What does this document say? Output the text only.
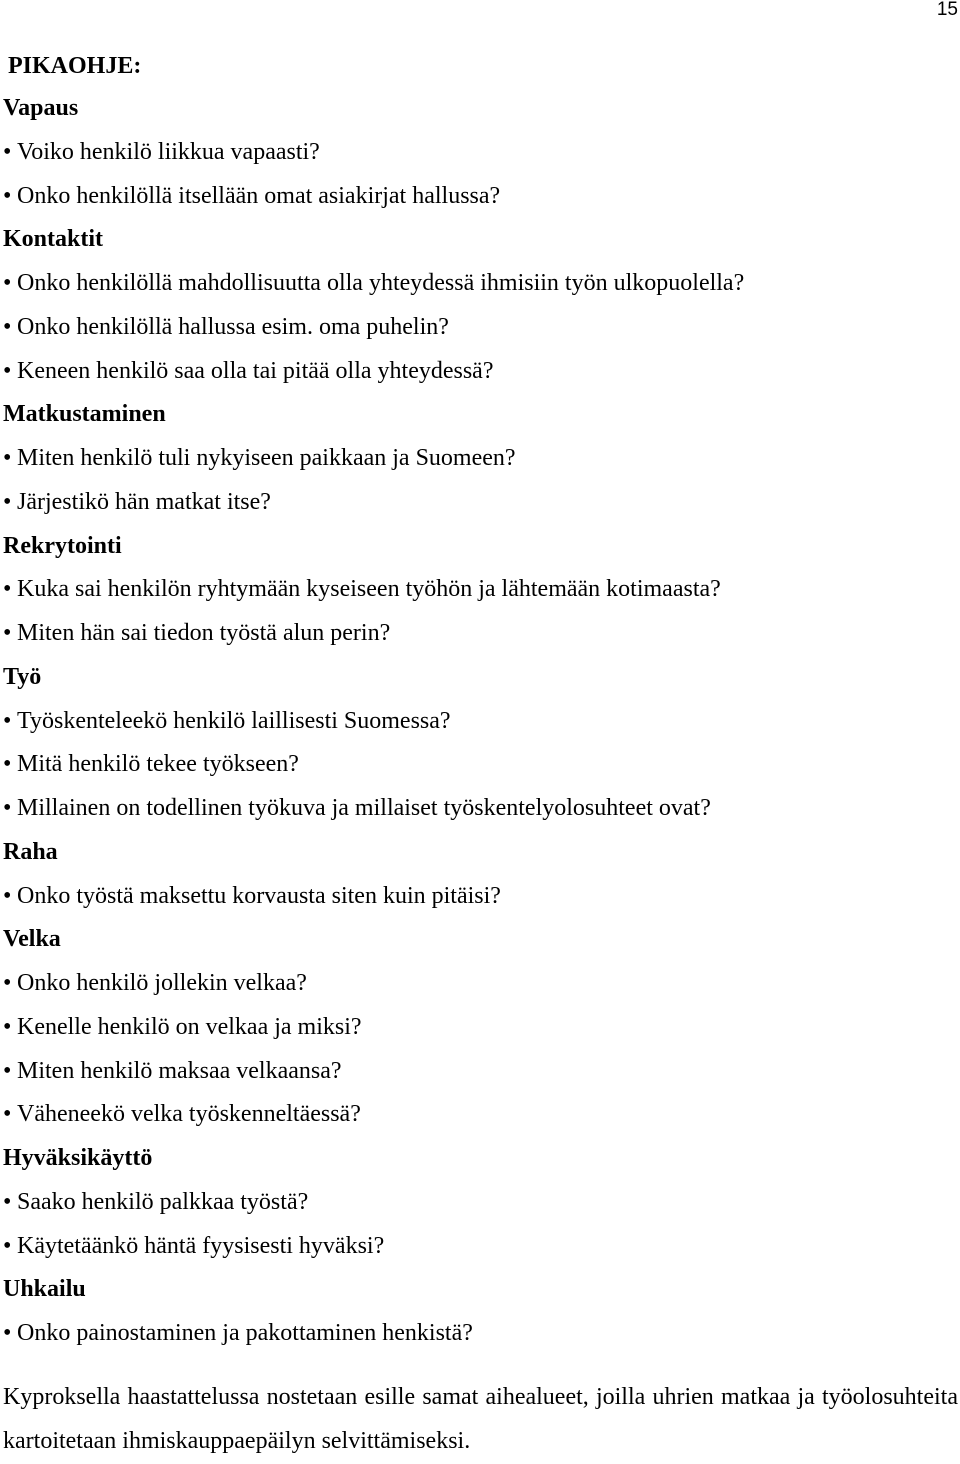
15
PIKAOHJE:
Vapaus
• Voiko henkilö liikkua vapaasti?
• Onko henkilöllä itsellään omat asiakirjat hallussa?
Kontaktit
• Onko henkilöllä mahdollisuutta olla yhteydessä ihmisiin työn ulkopuolella?
• Onko henkilöllä hallussa esim. oma puhelin?
• Keneen henkilö saa olla tai pitää olla yhteydessä?
Matkustaminen
• Miten henkilö tuli nykyiseen paikkaan ja Suomeen?
• Järjestikö hän matkat itse?
Rekrytointi
• Kuka sai henkilön ryhtymään kyseiseen työhön ja lähtemään kotimaasta?
• Miten hän sai tiedon työstä alun perin?
Työ
• Työskenteleekö henkilö laillisesti Suomessa?
• Mitä henkilö tekee työkseen?
• Millainen on todellinen työkuva ja millaiset työskentelyolosuhteet ovat?
Raha
• Onko työstä maksettu korvausta siten kuin pitäisi?
Velka
• Onko henkilö jollekin velkaa?
• Kenelle henkilö on velkaa ja miksi?
• Miten henkilö maksaa velkaansa?
• Väheneekö velka työskenneltäessä?
Hyväksikäyttö
• Saako henkilö palkkaa työstä?
• Käytetäänkö häntä fyysisesti hyväksi?
Uhkailu
• Onko painostaminen ja pakottaminen henkistä?

Kyproksella haastattelussa nostetaan esille samat aihealueet, joilla uhrien matkaa ja työolosuhteita kartoitetaan ihmiskauppaepäilyn selvittämiseksi.
